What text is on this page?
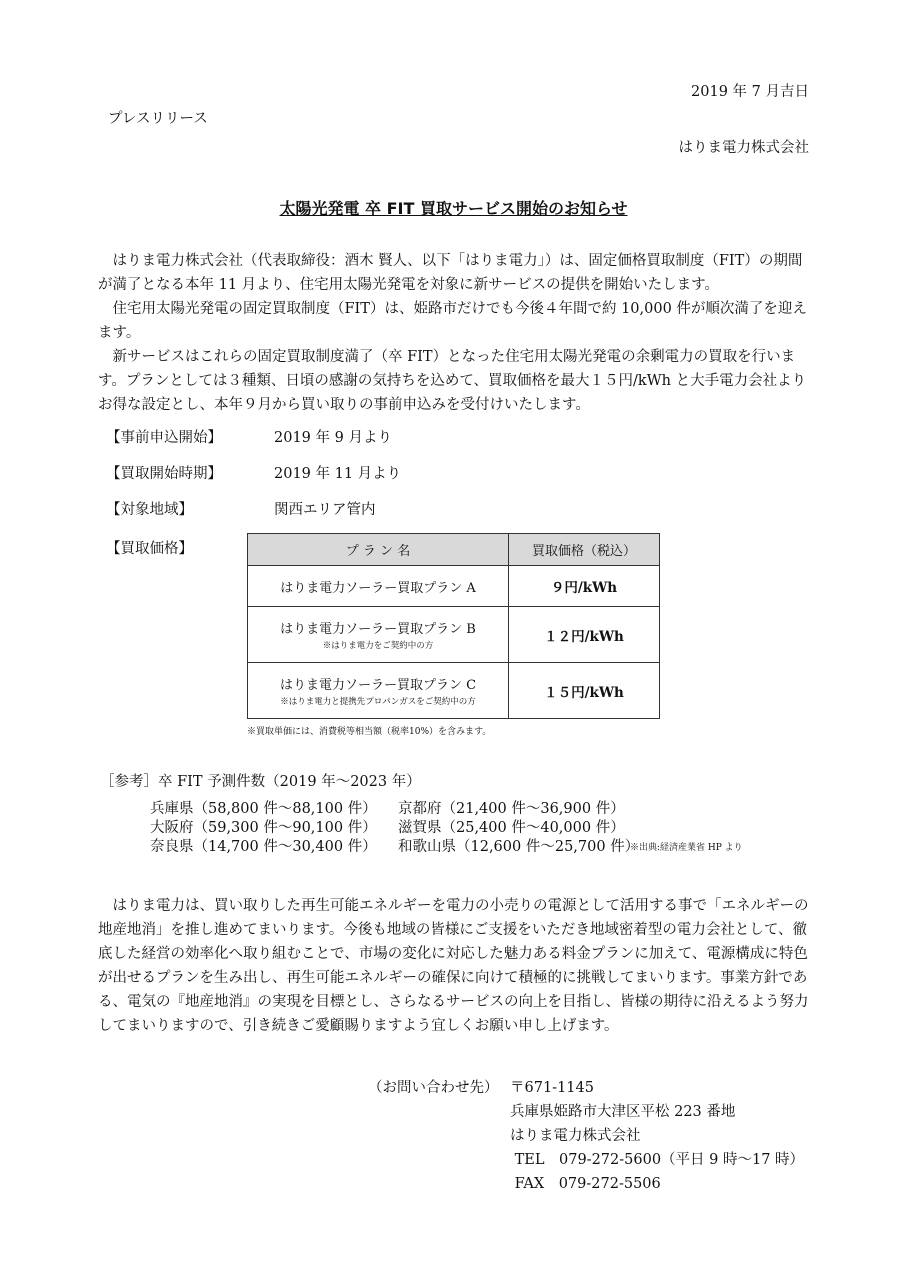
2019 年 7 月吉日
プレスリリース
はりま電力株式会社
太陽光発電 卒 FIT 買取サービス開始のお知らせ

　はりま電力株式会社（代表取締役：酒木 賢人、以下「はりま電力」）は、固定価格買取制度（FIT）の期間が満了となる本年 11 月より、住宅用太陽光発電を対象に新サービスの提供を開始いたします。

　住宅用太陽光発電の固定買取制度（FIT）は、姫路市だけでも今後４年間で約 10,000 件が順次満了を迎えます。

　新サービスはこれらの固定買取制度満了（卒 FIT）となった住宅用太陽光発電の余剰電力の買取を行います。プランとしては３種類、日頃の感謝の気持ちを込めて、買取価格を最大１５円/kWh と大手電力会社よりお得な設定とし、本年９月から買い取りの事前申込みを受付けいたします。

【事前申込開始】	2019 年 9 月より
【買取開始時期】	2019 年 11 月より
【対象地域】	関西エリア管内
【買取価格】	プ ラ ン 名	買取価格（税込）

はりま電力ソーラー買取プラン A	９円/kWh

はりま電力ソーラー買取プラン B
※はりま電力をご契約中の方	１２円/kWh

はりま電力ソーラー買取プラン C
※はりま電力と提携先プロパンガスをご契約中の方	１５円/kWh
※買取単価には、消費税等相当額（税率10%）を含みます。
［参考］卒 FIT 予測件数（2019 年～2023 年）
兵庫県（58,800 件～88,100 件） 京都府（21,400 件～36,900 件）
大阪府（59,300 件～90,100 件） 滋賀県（25,400 件～40,000 件）
奈良県（14,700 件～30,400 件） 和歌山県（12,600 件～25,700 件）
※出典:経済産業省 HP より

　はりま電力は、買い取りした再生可能エネルギーを電力の小売りの電源として活用する事で「エネルギーの地産地消」を推し進めてまいります。今後も地域の皆様にご支援をいただき地域密着型の電力会社として、徹底した経営の効率化へ取り組むことで、市場の変化に対応した魅力ある料金プランに加えて、電源構成に特色が出せるプランを生み出し、再生可能エネルギーの確保に向けて積極的に挑戦してまいります。事業方針である、電気の『地産地消』の実現を目標とし、さらなるサービスの向上を目指し、皆様の期待に沿えるよう努力してまいりますので、引き続きご愛顧賜りますよう宜しくお願い申し上げます。

（お問い合わせ先） 〒671-1145
兵庫県姫路市大津区平松 223 番地
はりま電力株式会社
TEL　079-272-5600（平日 9 時～17 時）
FAX　079-272-5506
